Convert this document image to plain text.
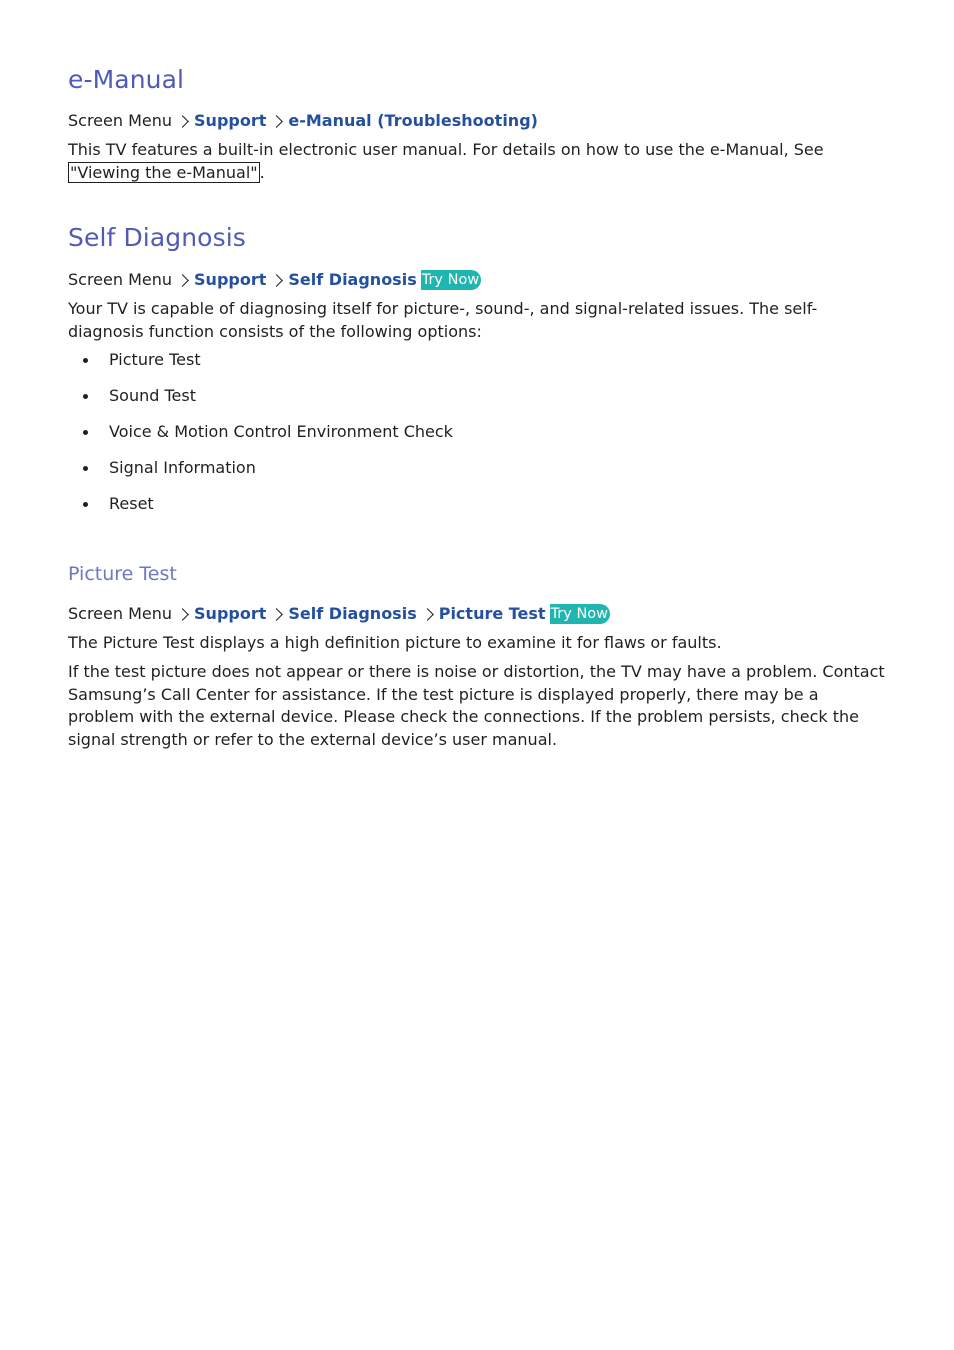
e-Manual
Screen Menu Support e-Manual (Troubleshooting)

This TV features a built-in electronic user manual. For details on how to use the e-Manual, See
"Viewing the e-Manual" .

Self Diagnosis
Screen Menu Support Self Diagnosis Try Now

Your TV is capable of diagnosing itself for picture-, sound-, and signal-related issues. The self-diagnosis function consists of the following options:

Picture Test
Sound Test
Voice & Motion Control Environment Check
Signal Information
Reset
Picture Test
Screen Menu Support Self Diagnosis Picture Test Try Now

The Picture Test displays a high definition picture to examine it for flaws or faults.

If the test picture does not appear or there is noise or distortion, the TV may have a problem. Contact Samsung’s Call Center for assistance. If the test picture is displayed properly, there may be a problem with the external device. Please check the connections. If the problem persists, check the signal strength or refer to the external device’s user manual.
